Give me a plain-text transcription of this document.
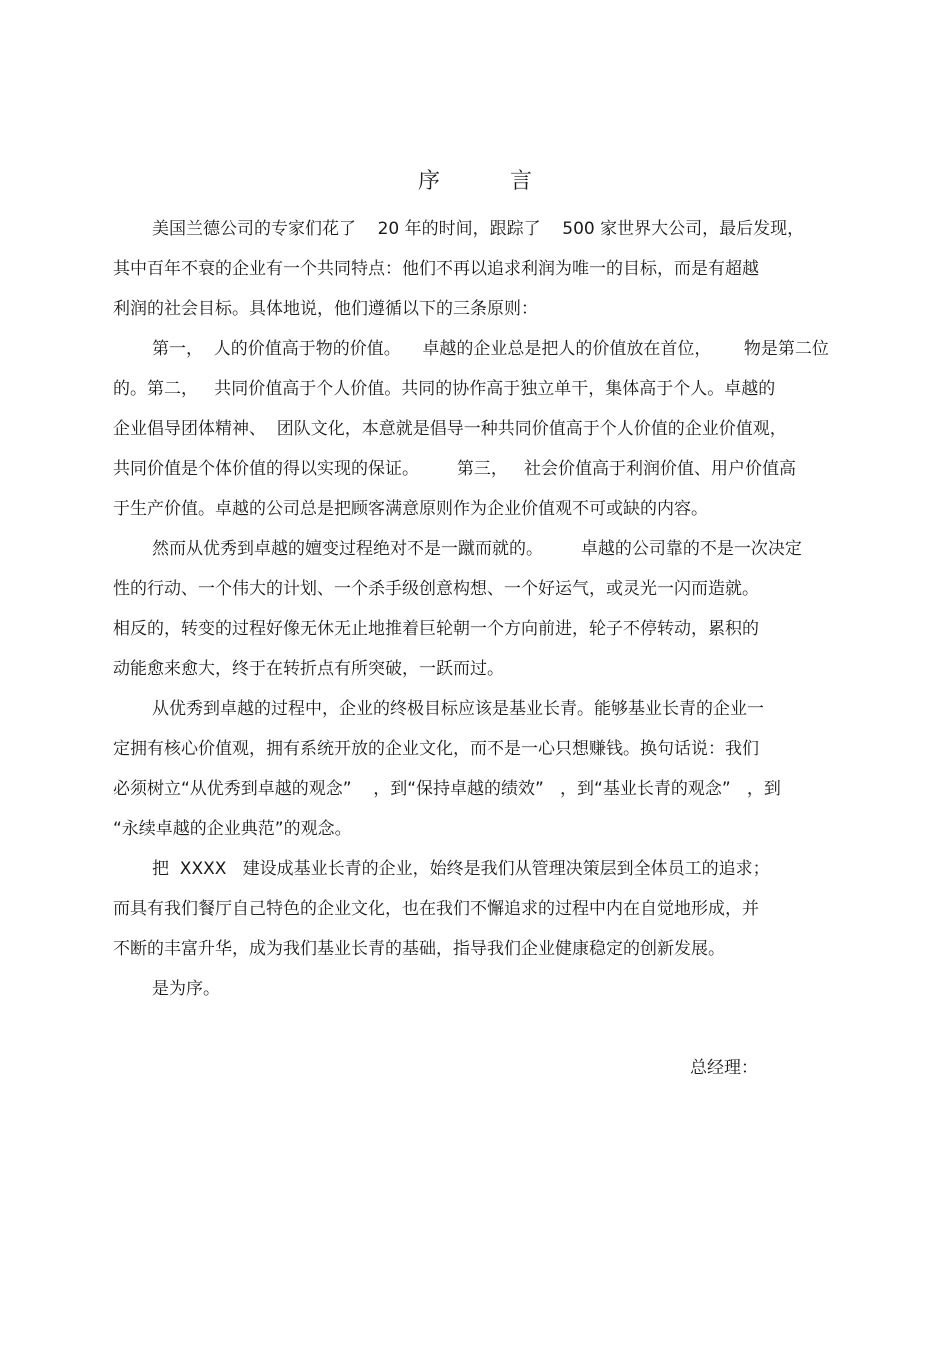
序	言
美国兰德公司的专家们花了    20 年的时间，跟踪了    500 家世界大公司，最后发现，
其中百年不衰的企业有一个共同特点：他们不再以追求利润为唯一的目标，而是有超越
利润的社会目标。具体地说，他们遵循以下的三条原则：
第一，  人的价值高于物的价值。    卓越的企业总是把人的价值放在首位，      物是第二位
的。第二，   共同价值高于个人价值。共同的协作高于独立单干，集体高于个人。卓越的
企业倡导团体精神、  团队文化，本意就是倡导一种共同价值高于个人价值的企业价值观，
共同价值是个体价值的得以实现的保证。       第三，   社会价值高于利润价值、用户价值高
于生产价值。卓越的公司总是把顾客满意原则作为企业价值观不可或缺的内容。
然而从优秀到卓越的嬗变过程绝对不是一蹴而就的。       卓越的公司靠的不是一次决定
性的行动、一个伟大的计划、一个杀手级创意构想、一个好运气，或灵光一闪而造就。
相反的，转变的过程好像无休无止地推着巨轮朝一个方向前进，轮子不停转动，累积的
动能愈来愈大，终于在转折点有所突破，一跃而过。
从优秀到卓越的过程中，企业的终极目标应该是基业长青。能够基业长青的企业一
定拥有核心价值观，拥有系统开放的企业文化，而不是一心只想赚钱。换句话说：我们
必须树立“从优秀到卓越的观念”    ，到“保持卓越的绩效”   ，到“基业长青的观念”   ，到
“永续卓越的企业典范”的观念。
把  XXXX   建设成基业长青的企业，始终是我们从管理决策层到全体员工的追求；
而具有我们餐厅自己特色的企业文化，也在我们不懈追求的过程中内在自觉地形成，并
不断的丰富升华，成为我们基业长青的基础，指导我们企业健康稳定的创新发展。
是为序。
总经理：
